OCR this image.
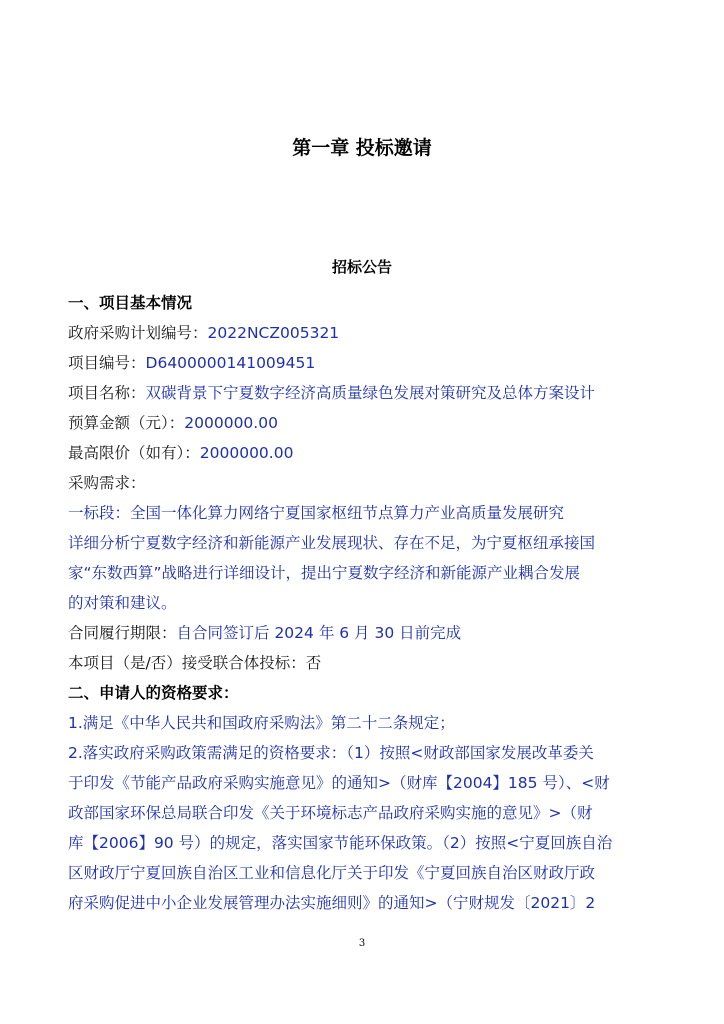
第一章 投标邀请
招标公告
一、项目基本情况
政府采购计划编号：2022NCZ005321
项目编号：D6400000141009451
项目名称：双碳背景下宁夏数字经济高质量绿色发展对策研究及总体方案设计
预算金额（元）：2000000.00
最高限价（如有）：2000000.00
采购需求：
一标段：全国一体化算力网络宁夏国家枢纽节点算力产业高质量发展研究
详细分析宁夏数字经济和新能源产业发展现状、存在不足，为宁夏枢纽承接国
家“东数西算”战略进行详细设计，提出宁夏数字经济和新能源产业耦合发展
的对策和建议。
合同履行期限：自合同签订后 2024 年 6 月 30 日前完成
本项目（是/否）接受联合体投标：否
二、申请人的资格要求：
1.满足《中华人民共和国政府采购法》第二十二条规定；
2.落实政府采购政策需满足的资格要求：（1）按照<财政部国家发展改革委关
于印发《节能产品政府采购实施意见》的通知>（财库【2004】185 号）、<财
政部国家环保总局联合印发《关于环境标志产品政府采购实施的意见》>（财
库【2006】90 号）的规定，落实国家节能环保政策。（2）按照<宁夏回族自治
区财政厅宁夏回族自治区工业和信息化厅关于印发《宁夏回族自治区财政厅政
府采购促进中小企业发展管理办法实施细则》的通知>（宁财规发〔2021〕2
3
